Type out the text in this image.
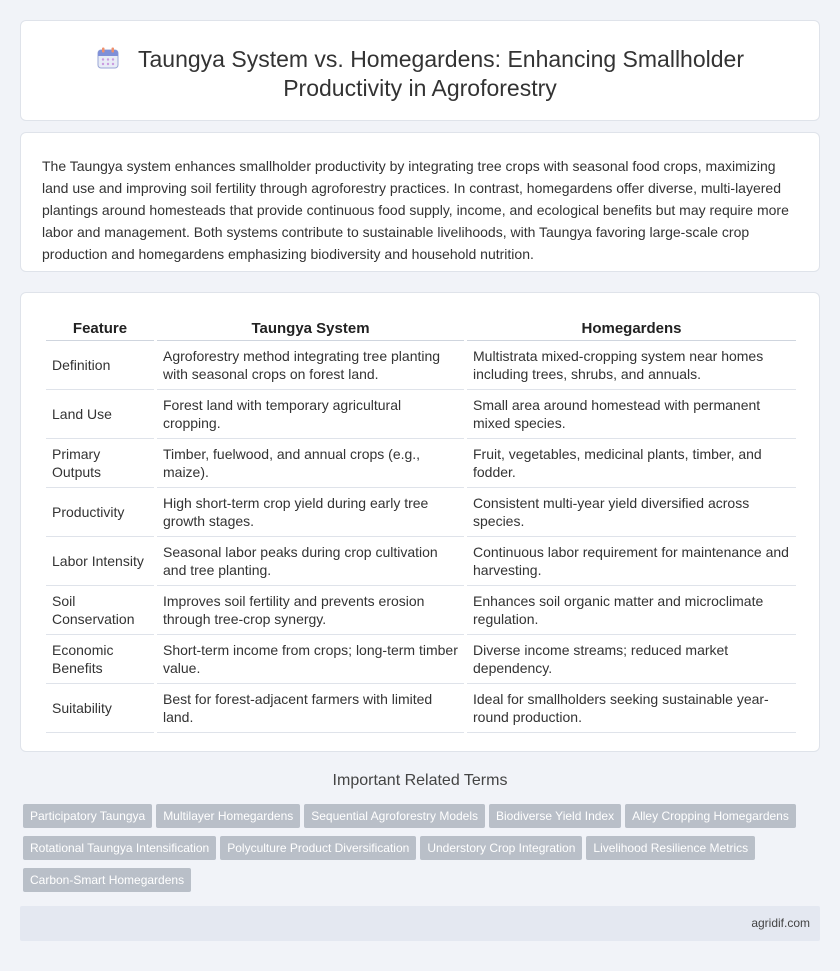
Taungya System vs. Homegardens: Enhancing Smallholder
Productivity in Agroforestry

The Taungya system enhances smallholder productivity by integrating tree crops with seasonal food crops, maximizing land use and improving soil fertility through agroforestry practices. In contrast, homegardens offer diverse, multi-layered plantings around homesteads that provide continuous food supply, income, and ecological benefits but may require more labor and management. Both systems contribute to sustainable livelihoods, with Taungya favoring large-scale crop production and homegardens emphasizing biodiversity and household nutrition.

Feature	Taungya System	Homegardens
Definition	Agroforestry method integrating tree planting with seasonal crops on forest land.	Multistrata mixed-cropping system near homes including trees, shrubs, and annuals.
Land Use	Forest land with temporary agricultural cropping.	Small area around homestead with permanent mixed species.
Primary Outputs	Timber, fuelwood, and annual crops (e.g., maize).	Fruit, vegetables, medicinal plants, timber, and fodder.
Productivity	High short-term crop yield during early tree growth stages.	Consistent multi-year yield diversified across species.
Labor Intensity	Seasonal labor peaks during crop cultivation and tree planting.	Continuous labor requirement for maintenance and harvesting.
Soil Conservation	Improves soil fertility and prevents erosion through tree-crop synergy.	Enhances soil organic matter and microclimate regulation.
Economic Benefits	Short-term income from crops; long-term timber value.	Diverse income streams; reduced market dependency.
Suitability	Best for forest-adjacent farmers with limited land.	Ideal for smallholders seeking sustainable year-round production.
Important Related Terms
Participatory Taungya Multilayer Homegardens Sequential Agroforestry Models Biodiverse Yield Index Alley Cropping HomegardensRotational Taungya Intensification Polyculture Product Diversification Understory Crop Integration Livelihood Resilience MetricsCarbon-Smart Homegardens
agridif.com
